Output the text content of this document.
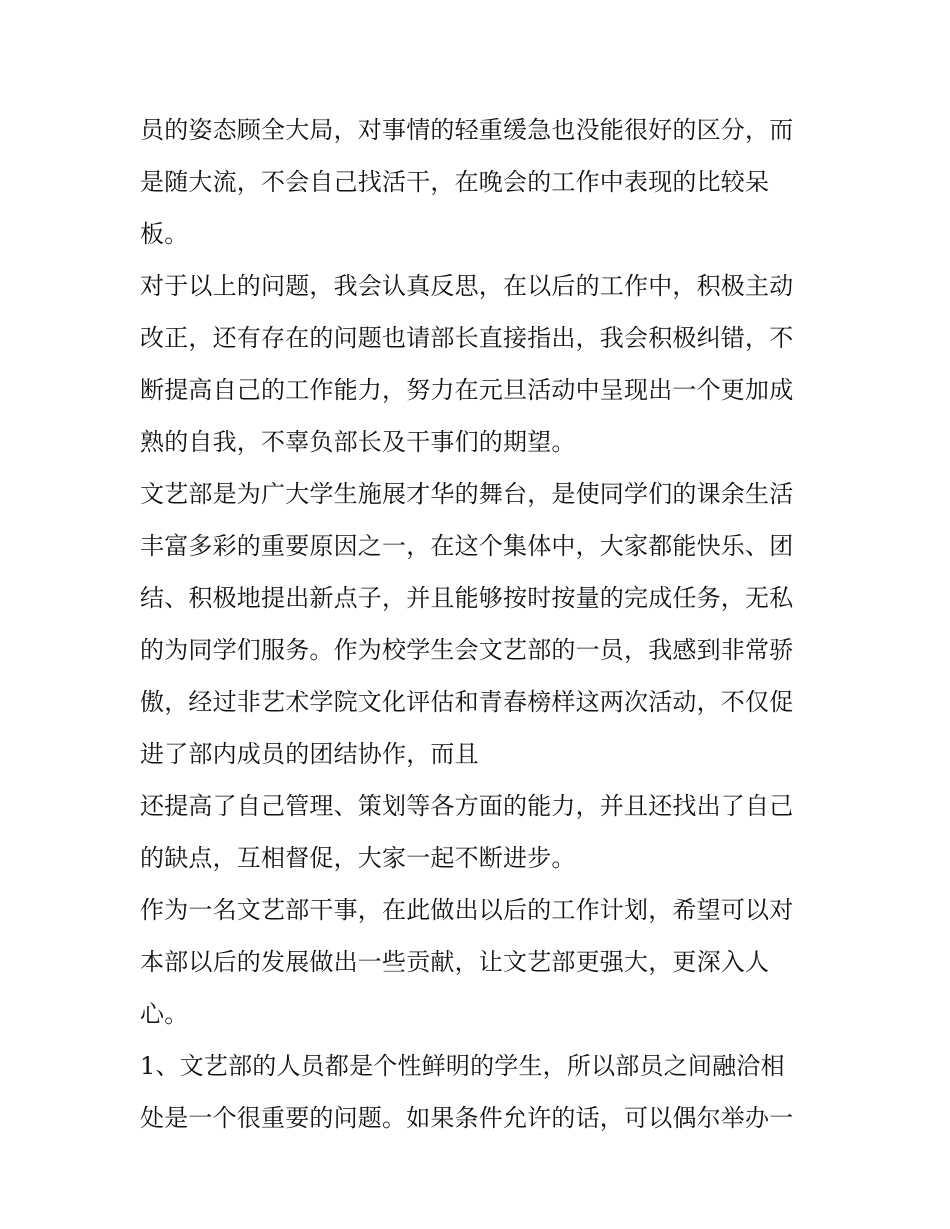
员的姿态顾全大局，对事情的轻重缓急也没能很好的区分，而
是随大流，不会自己找活干，在晚会的工作中表现的比较呆
板。
对于以上的问题，我会认真反思，在以后的工作中，积极主动
改正，还有存在的问题也请部长直接指出，我会积极纠错，不
断提高自己的工作能力，努力在元旦活动中呈现出一个更加成
熟的自我，不辜负部长及干事们的期望。
文艺部是为广大学生施展才华的舞台，是使同学们的课余生活
丰富多彩的重要原因之一，在这个集体中，大家都能快乐、团
结、积极地提出新点子，并且能够按时按量的完成任务，无私
的为同学们服务。作为校学生会文艺部的一员，我感到非常骄
傲，经过非艺术学院文化评估和青春榜样这两次活动，不仅促
进了部内成员的团结协作，而且
还提高了自己管理、策划等各方面的能力，并且还找出了自己
的缺点，互相督促，大家一起不断进步。
作为一名文艺部干事，在此做出以后的工作计划，希望可以对
本部以后的发展做出一些贡献，让文艺部更强大，更深入人
心。
1、文艺部的人员都是个性鲜明的学生，所以部员之间融洽相
处是一个很重要的问题。如果条件允许的话，可以偶尔举办一
